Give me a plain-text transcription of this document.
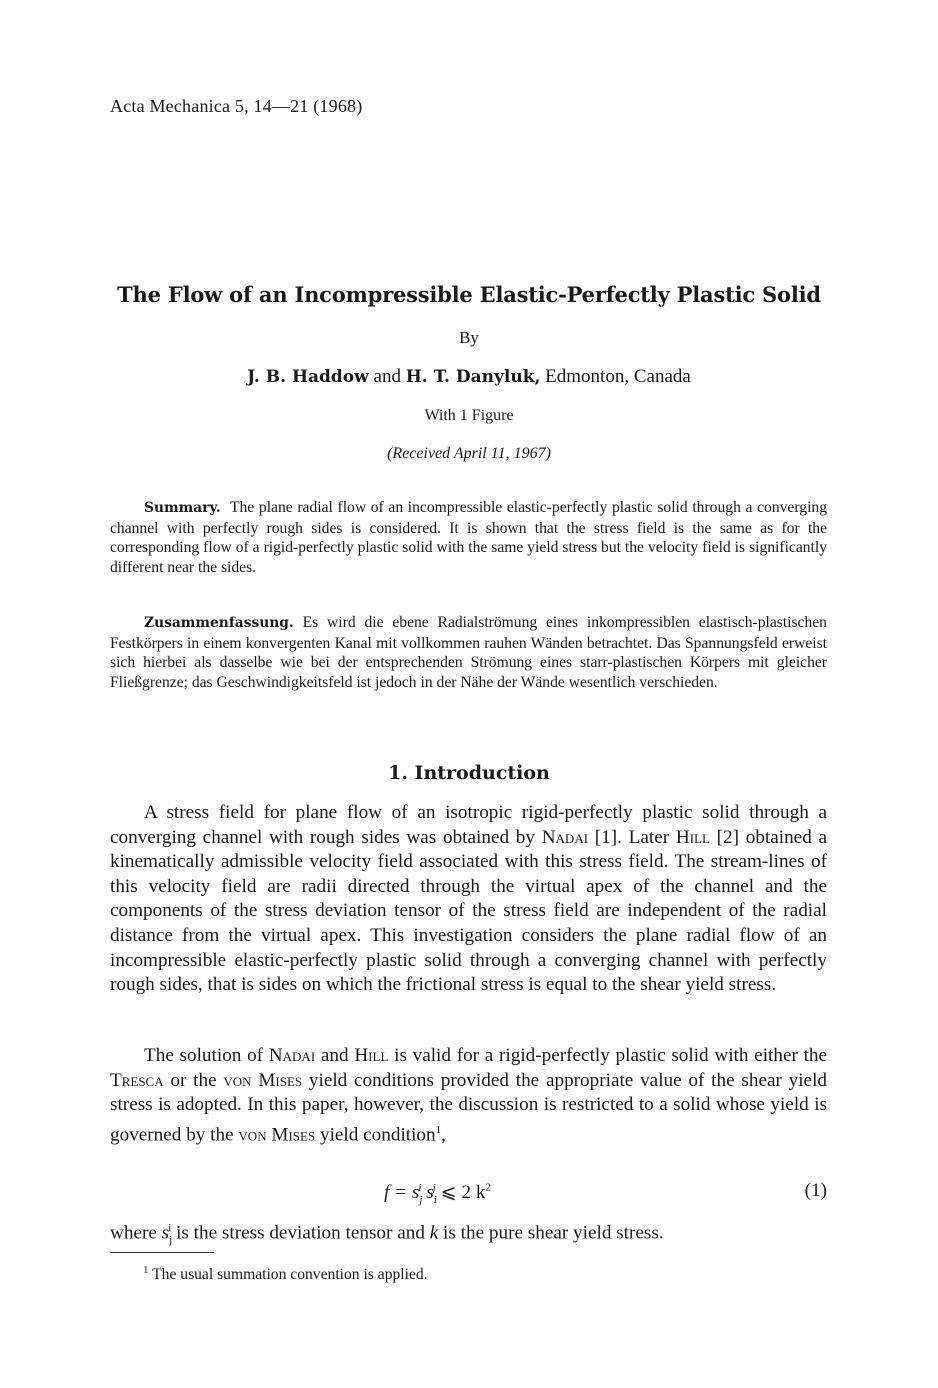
Acta Mechanica 5, 14—21 (1968)
The Flow of an Incompressible Elastic-Perfectly Plastic Solid
By
J. B. Haddow and H. T. Danyluk, Edmonton, Canada
With 1 Figure
(Received April 11, 1967)

Summary. The plane radial flow of an incompressible elastic-perfectly plastic solid through a converging channel with perfectly rough sides is considered. It is shown that the stress field is the same as for the corresponding flow of a rigid-perfectly plastic solid with the same yield stress but the velocity field is significantly different near the sides.

Zusammenfassung. Es wird die ebene Radialströmung eines inkompressiblen elastisch-plastischen Festkörpers in einem konvergenten Kanal mit vollkommen rauhen Wänden betrachtet. Das Spannungsfeld erweist sich hierbei als dasselbe wie bei der entsprechenden Strömung eines starr-plastischen Körpers mit gleicher Fließgrenze; das Geschwindigkeitsfeld ist jedoch in der Nähe der Wände wesentlich verschieden.

1. Introduction

A stress field for plane flow of an isotropic rigid-perfectly plastic solid through a converging channel with rough sides was obtained by Nadai [1]. Later Hill [2] obtained a kinematically admissible velocity field associated with this stress field. The stream-lines of this velocity field are radii directed through the virtual apex of the channel and the components of the stress deviation tensor of the stress field are independent of the radial distance from the virtual apex. This investigation considers the plane radial flow of an incompressible elastic-perfectly plastic solid through a converging channel with perfectly rough sides, that is sides on which the frictional stress is equal to the shear yield stress.

The solution of Nadai and Hill is valid for a rigid-perfectly plastic solid with either the Tresca or the von Mises yield conditions provided the appropriate value of the shear yield stress is adopted. In this paper, however, the discussion is restricted to a solid whose yield is governed by the von Mises yield condition$^1$,

$f = s_j^i$ $s_i^j$ ⩽ 2 $k^2$	(1)

where $s_j^i$ is the stress deviation tensor and k is the pure shear yield stress.

$^1$ The usual summation convention is applied.
